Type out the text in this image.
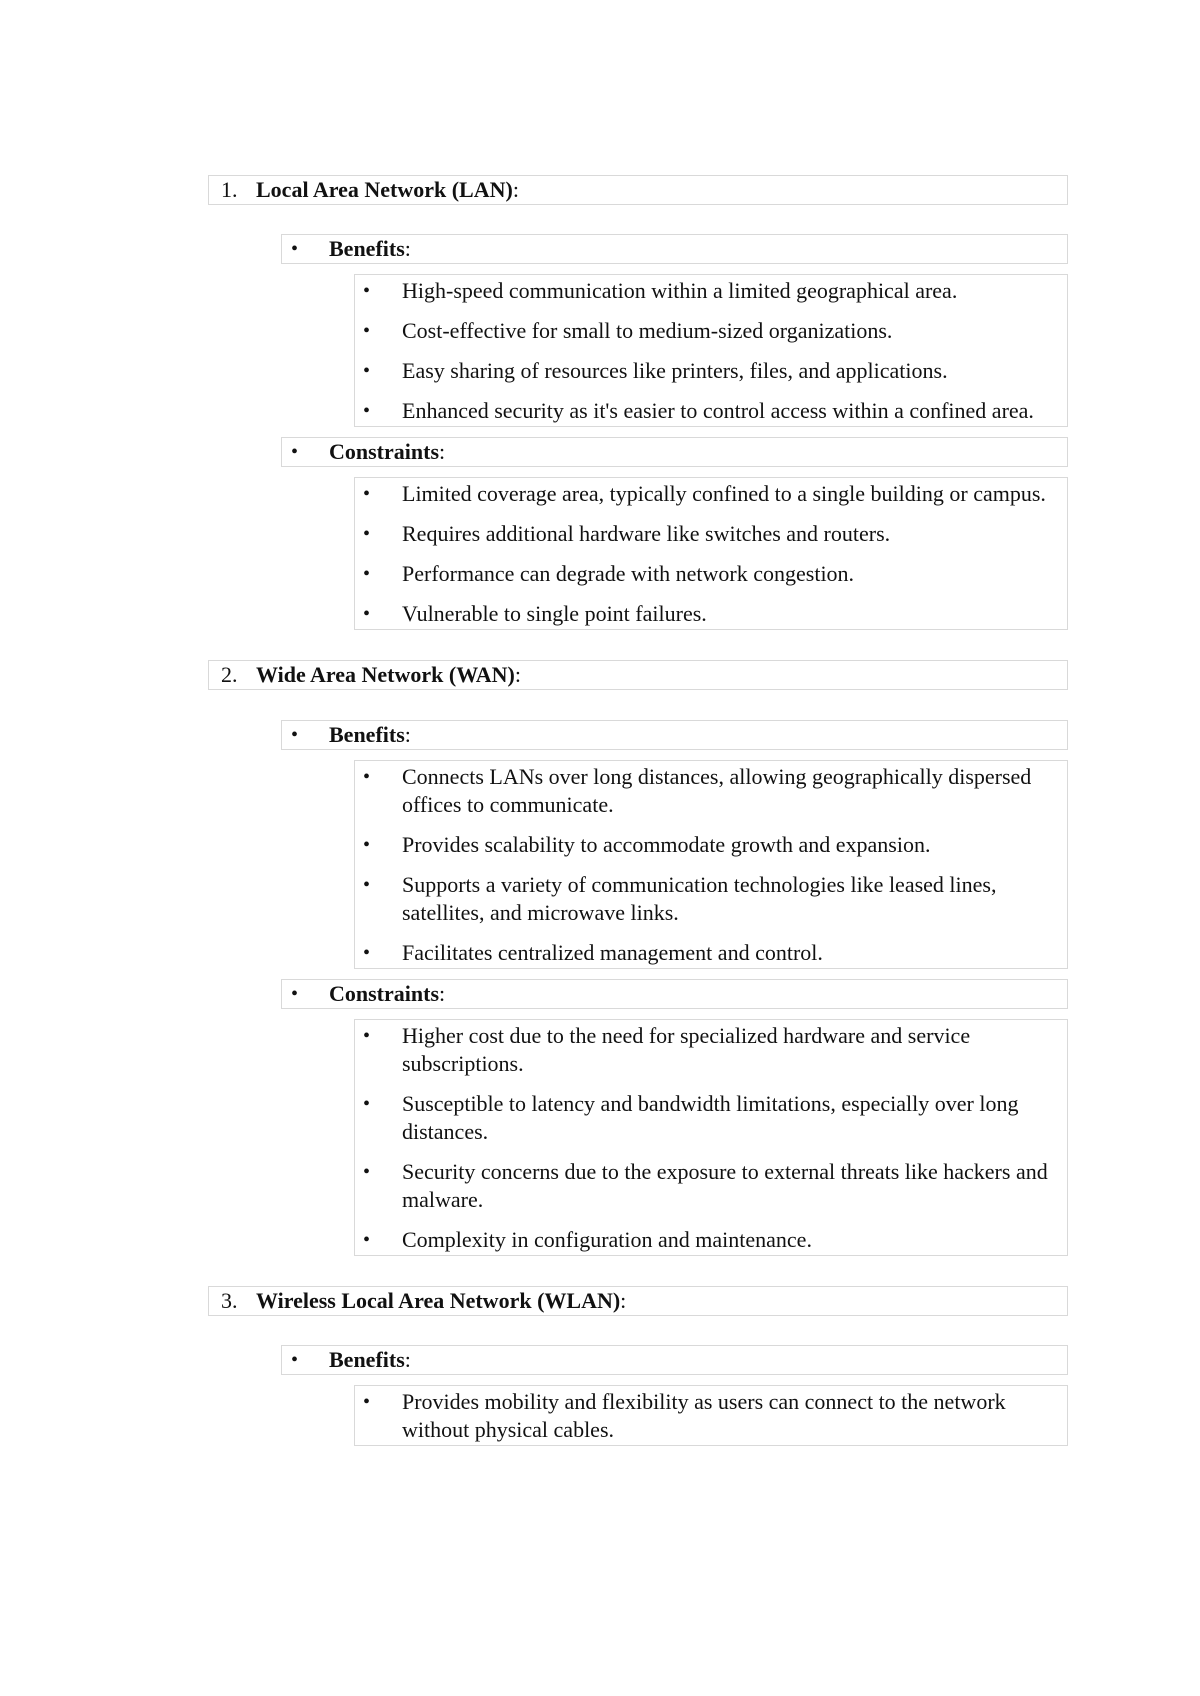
1. Local Area Network (LAN) :
•	Benefits :
•	High-speed communication within a limited geographical area.
•	Cost-effective for small to medium-sized organizations.
•	Easy sharing of resources like printers, files, and applications.
•	Enhanced security as it's easier to control access within a confined area.
•	Constraints :
•	Limited coverage area, typically confined to a single building or campus.
•	Requires additional hardware like switches and routers.
•	Performance can degrade with network congestion.
•	Vulnerable to single point failures.
2. Wide Area Network (WAN) :
•	Benefits :
•	Connects LANs over long distances, allowing geographically dispersed offices to communicate.
•	Provides scalability to accommodate growth and expansion.
•	Supports a variety of communication technologies like leased lines, satellites, and microwave links.
•	Facilitates centralized management and control.
•	Constraints :
•	Higher cost due to the need for specialized hardware and service subscriptions.
•	Susceptible to latency and bandwidth limitations, especially over long distances.
•	Security concerns due to the exposure to external threats like hackers and malware.
•	Complexity in configuration and maintenance.
3. Wireless Local Area Network (WLAN) :
•	Benefits :
•	Provides mobility and flexibility as users can connect to the network without physical cables.
